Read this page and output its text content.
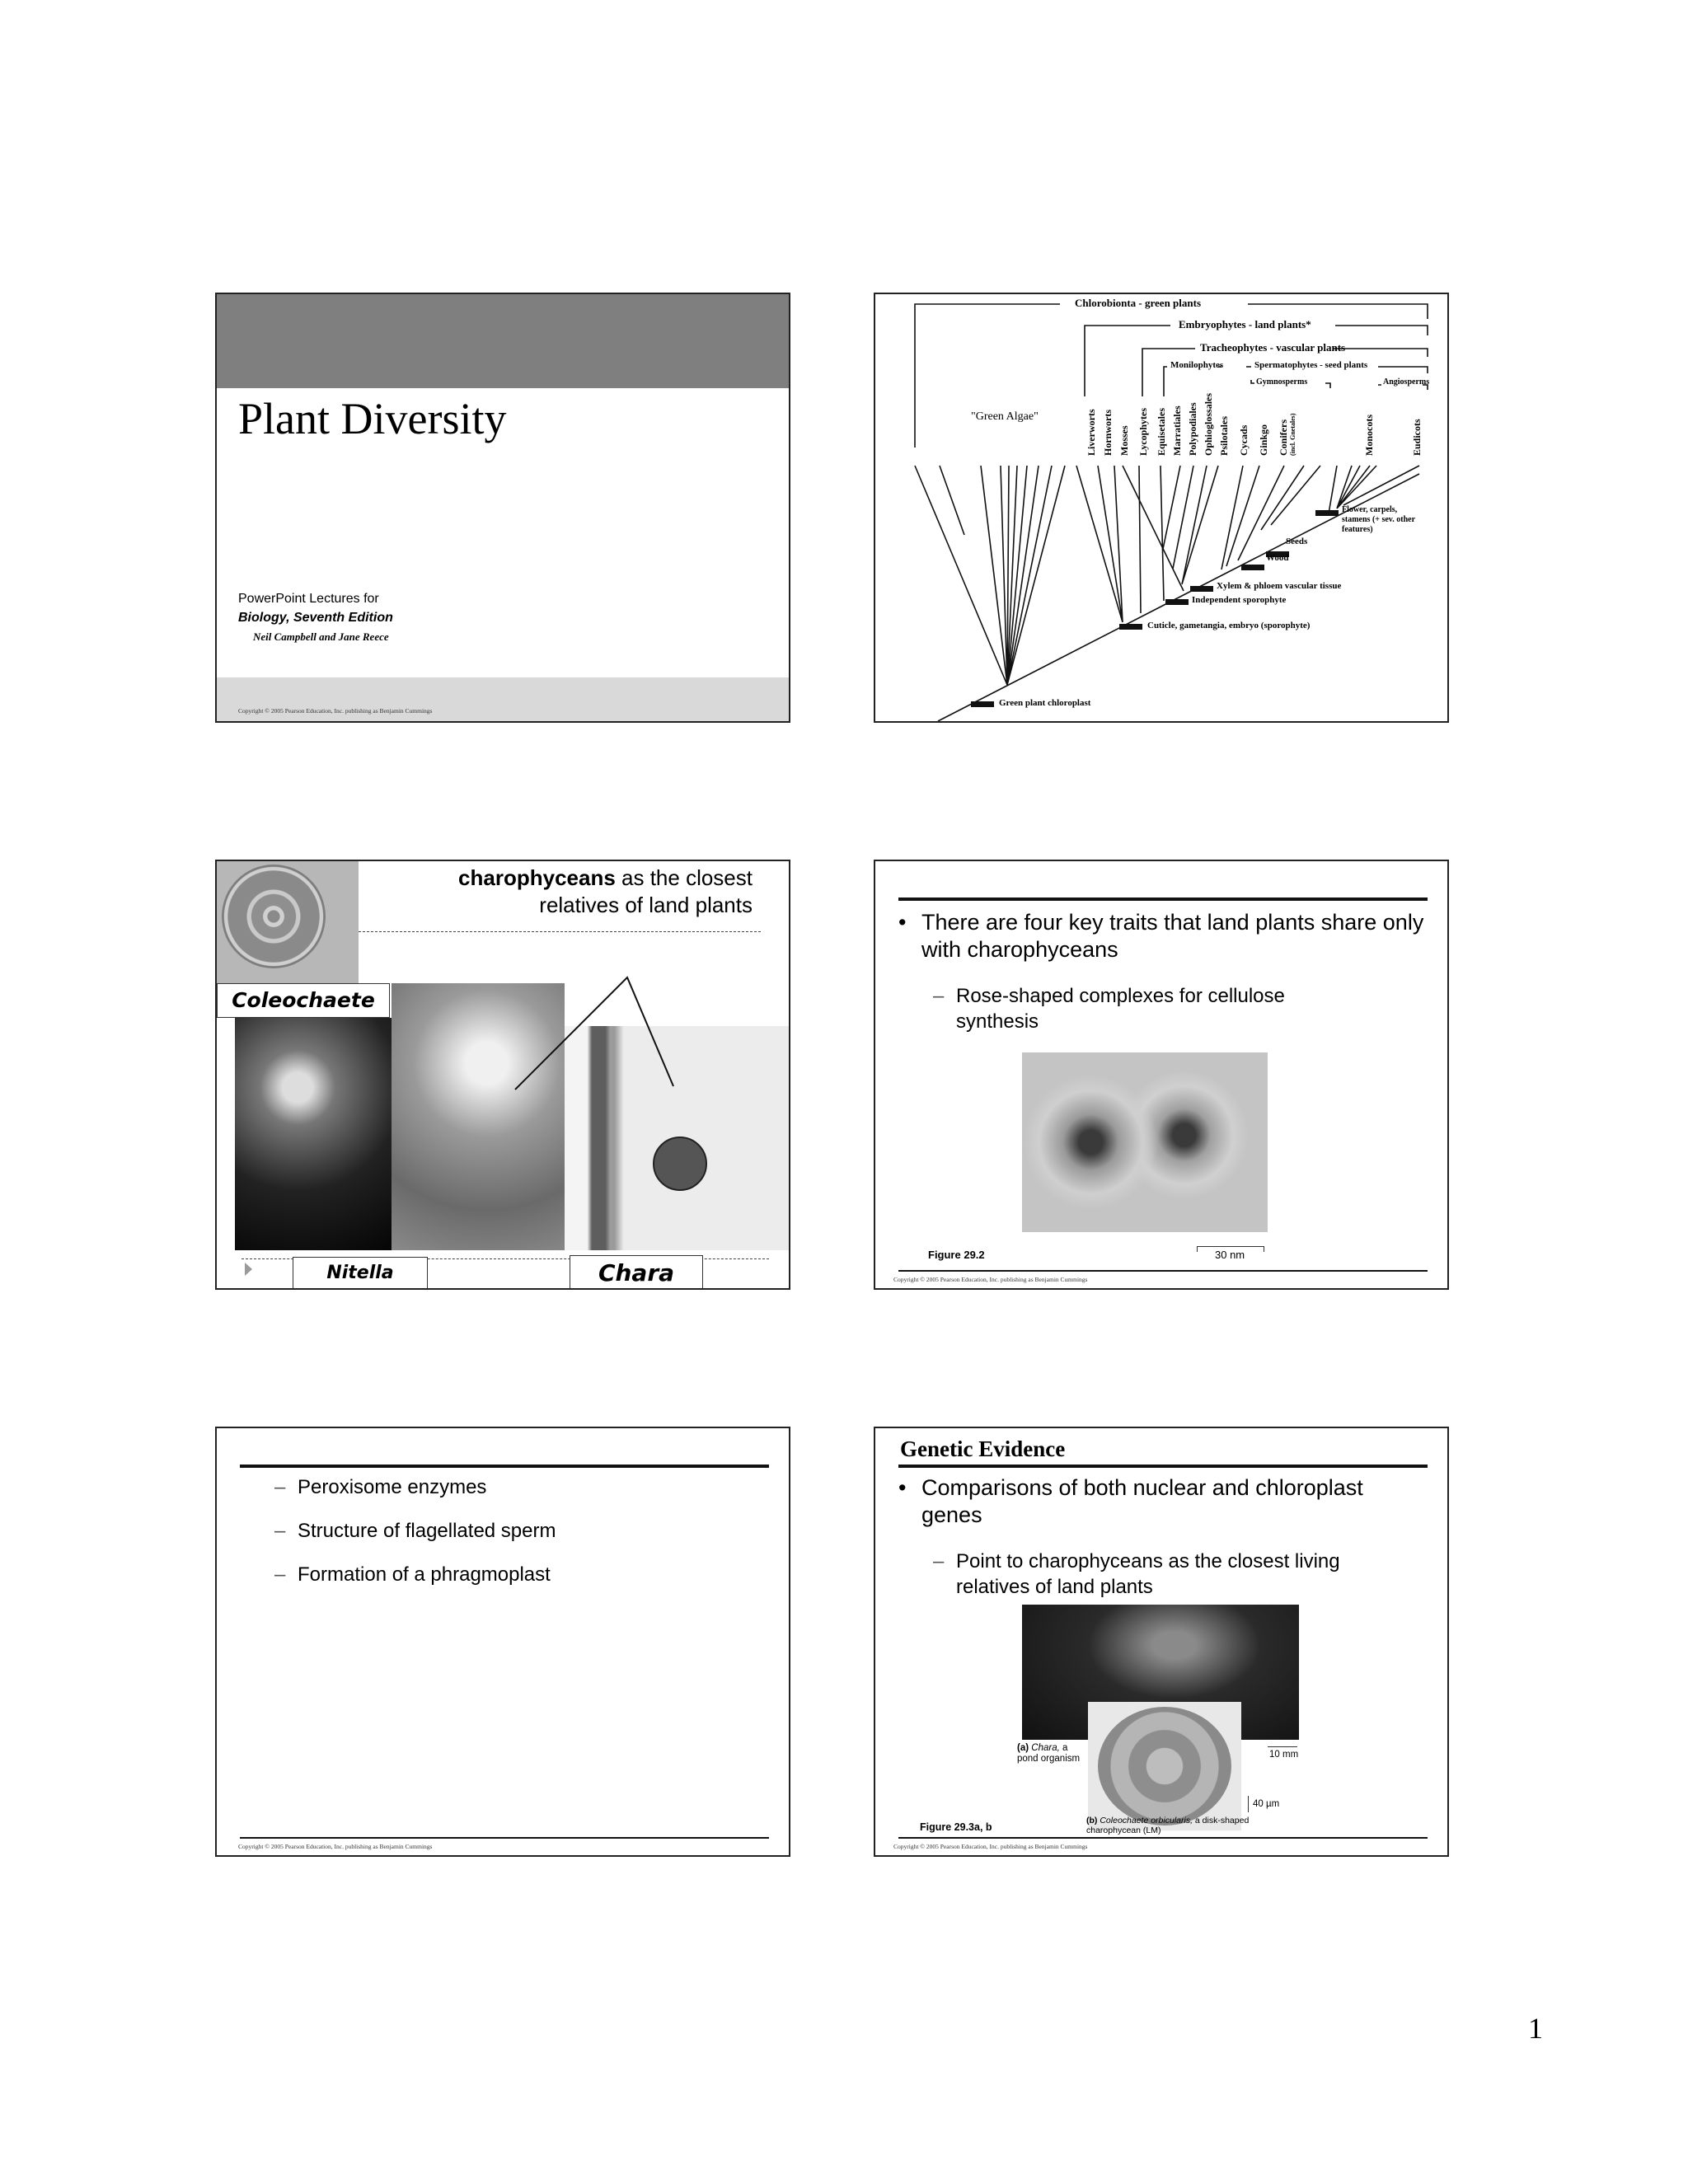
Plant Diversity
PowerPoint Lectures for
Biology, Seventh Edition
Neil Campbell and Jane Reece
Copyright © 2005 Pearson Education, Inc. publishing as Benjamin Cummings
Chlorobionta - green plants
Embryophytes - land plants*
Tracheophytes - vascular plants
Monilophytes	Spermatophytes - seed plants
Gymnosperms	Angiosperms
"Green Algae"	Liverworts Hornworts Mosses Lycophytes Equisetales Marratiales Polypodiales Ophioglossales Psilotales Cycads Ginkgo Conifers (incl. Gnetales)	Monocots	Eudicots
Green plant chloroplast
Cuticle, gametangia, embryo (sporophyte)
Independent sporophyte
Xylem & phloem vascular tissue
Wood
Seeds
Flower, carpels, stamens (+ sev. other features)
Coleochaete
charophyceans as the closest
relatives of land plants
Nitella	Chara
• There are four key traits that land plants share only with charophyceans
– Rose-shaped complexes for cellulose synthesis
Figure 29.2	30 nm
Copyright © 2005 Pearson Education, Inc. publishing as Benjamin Cummings
– Peroxisome enzymes
– Structure of flagellated sperm
– Formation of a phragmoplast
Copyright © 2005 Pearson Education, Inc. publishing as Benjamin Cummings
Genetic Evidence
• Comparisons of both nuclear and chloroplast genes
– Point to charophyceans as the closest living relatives of land plants
(a) Chara, a pond organism	10 mm
40 µm
(b) Coleochaete orbicularis, a disk-shaped charophycean (LM)
Figure 29.3a, b
Copyright © 2005 Pearson Education, Inc. publishing as Benjamin Cummings
1
